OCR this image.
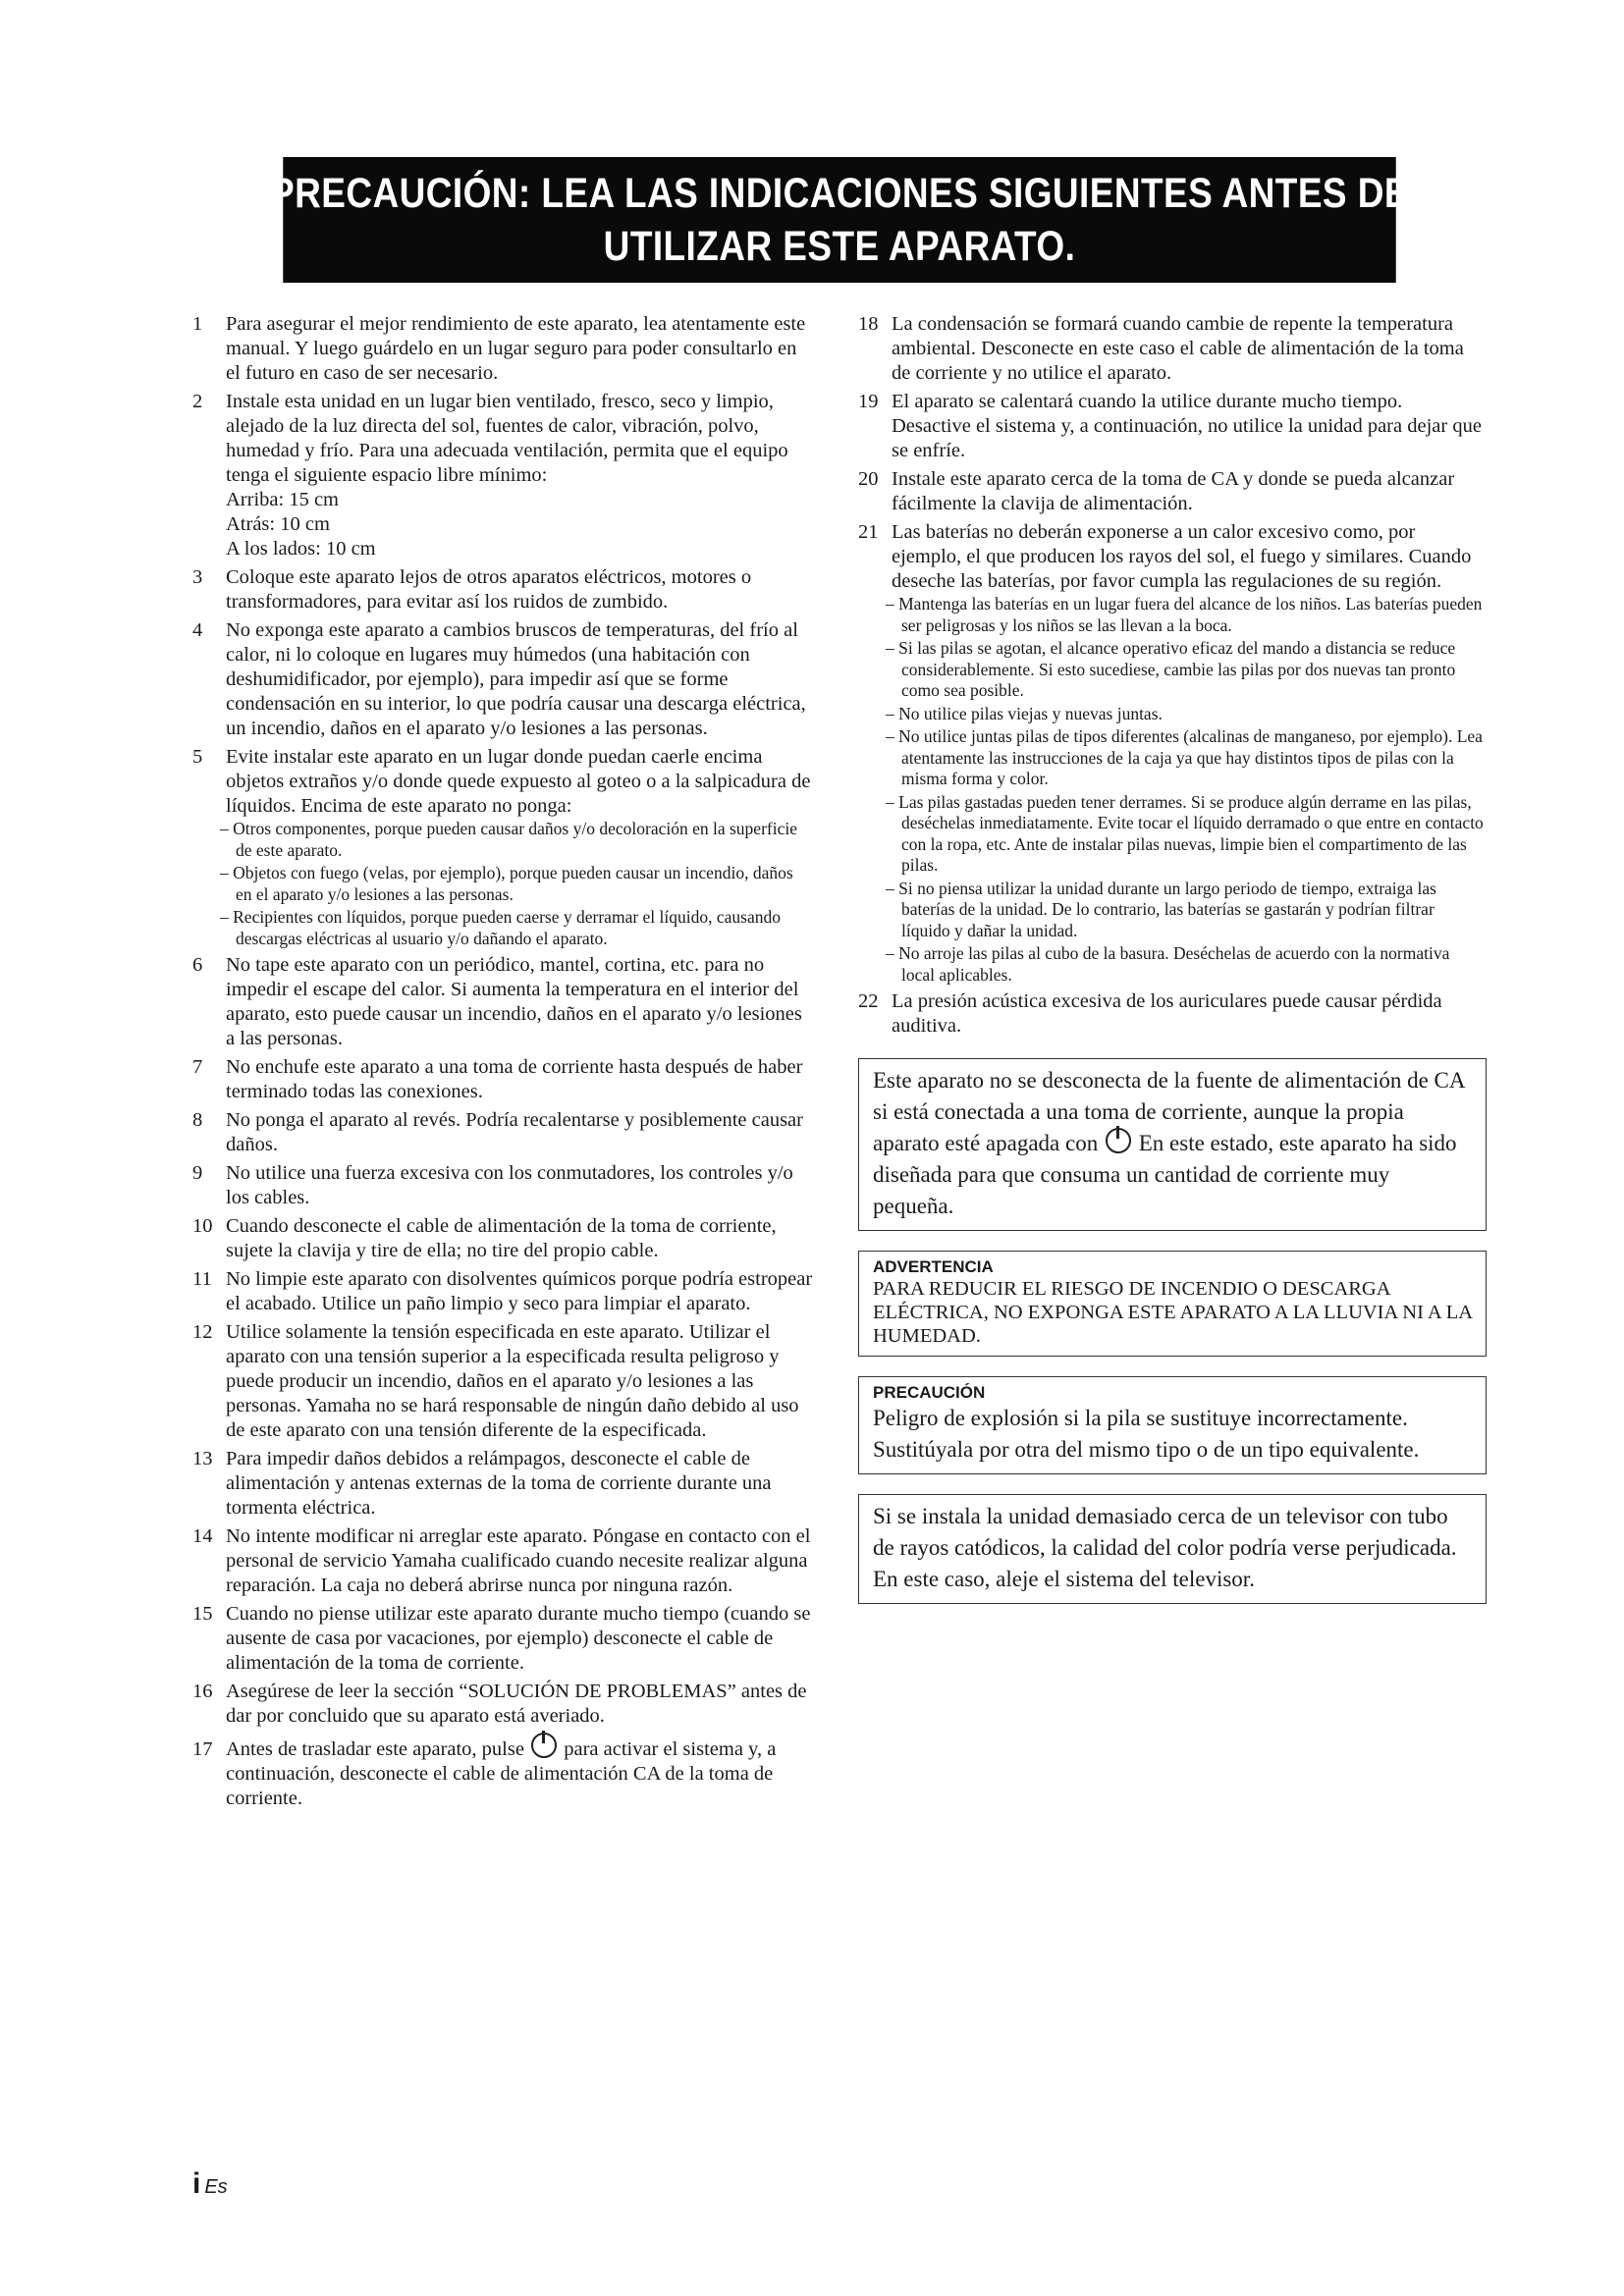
PRECAUCIÓN: LEA LAS INDICACIONES SIGUIENTES ANTES DE
UTILIZAR ESTE APARATO.

1 Para asegurar el mejor rendimiento de este aparato, lea atentamente este manual. Y luego guárdelo en un lugar seguro para poder consultarlo en el futuro en caso de ser necesario.

2 Instale esta unidad en un lugar bien ventilado, fresco, seco y limpio, alejado de la luz directa del sol, fuentes de calor, vibración, polvo, humedad y frío. Para una adecuada ventilación, permita que el equipo tenga el siguiente espacio libre mínimo:

Arriba: 15 cm
Atrás: 10 cm
A los lados: 10 cm

3 Coloque este aparato lejos de otros aparatos eléctricos, motores o transformadores, para evitar así los ruidos de zumbido.

4 No exponga este aparato a cambios bruscos de temperaturas, del frío al calor, ni lo coloque en lugares muy húmedos (una habitación con deshumidificador, por ejemplo), para impedir así que se forme condensación en su interior, lo que podría causar una descarga eléctrica, un incendio, daños en el aparato y/o lesiones a las personas.

5 Evite instalar este aparato en un lugar donde puedan caerle encima objetos extraños y/o donde quede expuesto al goteo o a la salpicadura de líquidos. Encima de este aparato no ponga:

– Otros componentes, porque pueden causar daños y/o decoloración en la superficie de este aparato.

– Objetos con fuego (velas, por ejemplo), porque pueden causar un incendio, daños en el aparato y/o lesiones a las personas.

– Recipientes con líquidos, porque pueden caerse y derramar el líquido, causando descargas eléctricas al usuario y/o dañando el aparato.

6 No tape este aparato con un periódico, mantel, cortina, etc. para no impedir el escape del calor. Si aumenta la temperatura en el interior del aparato, esto puede causar un incendio, daños en el aparato y/o lesiones a las personas.

7 No enchufe este aparato a una toma de corriente hasta después de haber terminado todas las conexiones.

8 No ponga el aparato al revés. Podría recalentarse y posiblemente causar daños.

9 No utilice una fuerza excesiva con los conmutadores, los controles y/o los cables.

10 Cuando desconecte el cable de alimentación de la toma de corriente, sujete la clavija y tire de ella; no tire del propio cable.

11 No limpie este aparato con disolventes químicos porque podría estropear el acabado. Utilice un paño limpio y seco para limpiar el aparato.

12 Utilice solamente la tensión especificada en este aparato. Utilizar el aparato con una tensión superior a la especificada resulta peligroso y puede producir un incendio, daños en el aparato y/o lesiones a las personas. Yamaha no se hará responsable de ningún daño debido al uso de este aparato con una tensión diferente de la especificada.

13 Para impedir daños debidos a relámpagos, desconecte el cable de alimentación y antenas externas de la toma de corriente durante una tormenta eléctrica.

14 No intente modificar ni arreglar este aparato. Póngase en contacto con el personal de servicio Yamaha cualificado cuando necesite realizar alguna reparación. La caja no deberá abrirse nunca por ninguna razón.

15 Cuando no piense utilizar este aparato durante mucho tiempo (cuando se ausente de casa por vacaciones, por ejemplo) desconecte el cable de alimentación de la toma de corriente.

16 Asegúrese de leer la sección “SOLUCIÓN DE PROBLEMAS” antes de dar por concluido que su aparato está averiado.

17 Antes de trasladar este aparato, pulse para activar el sistema y, a continuación, desconecte el cable de alimentación CA de la toma de corriente.

18 La condensación se formará cuando cambie de repente la temperatura ambiental. Desconecte en este caso el cable de alimentación de la toma de corriente y no utilice el aparato.

19 El aparato se calentará cuando la utilice durante mucho tiempo. Desactive el sistema y, a continuación, no utilice la unidad para dejar que se enfríe.

20 Instale este aparato cerca de la toma de CA y donde se pueda alcanzar fácilmente la clavija de alimentación.

21 Las baterías no deberán exponerse a un calor excesivo como, por ejemplo, el que producen los rayos del sol, el fuego y similares. Cuando deseche las baterías, por favor cumpla las regulaciones de su región.

– Mantenga las baterías en un lugar fuera del alcance de los niños. Las baterías pueden ser peligrosas y los niños se las llevan a la boca.

– Si las pilas se agotan, el alcance operativo eficaz del mando a distancia se reduce considerablemente. Si esto sucediese, cambie las pilas por dos nuevas tan pronto como sea posible.

– No utilice pilas viejas y nuevas juntas.

– No utilice juntas pilas de tipos diferentes (alcalinas de manganeso, por ejemplo). Lea atentamente las instrucciones de la caja ya que hay distintos tipos de pilas con la misma forma y color.

– Las pilas gastadas pueden tener derrames. Si se produce algún derrame en las pilas, deséchelas inmediatamente. Evite tocar el líquido derramado o que entre en contacto con la ropa, etc. Ante de instalar pilas nuevas, limpie bien el compartimento de las pilas.

– Si no piensa utilizar la unidad durante un largo periodo de tiempo, extraiga las baterías de la unidad. De lo contrario, las baterías se gastarán y podrían filtrar líquido y dañar la unidad.

– No arroje las pilas al cubo de la basura. Deséchelas de acuerdo con la normativa local aplicables.

22 La presión acústica excesiva de los auriculares puede causar pérdida auditiva.

Este aparato no se desconecta de la fuente de alimentación de CA si está conectada a una toma de corriente, aunque la propia aparato esté apagada con En este estado, este aparato ha sido diseñada para que consuma un cantidad de corriente muy pequeña.
ADVERTENCIA
PARA REDUCIR EL RIESGO DE INCENDIO O DESCARGA ELÉCTRICA, NO EXPONGA ESTE APARATO A LA LLUVIA NI A LA HUMEDAD.
PRECAUCIÓN
Peligro de explosión si la pila se sustituye incorrectamente. Sustitúyala por otra del mismo tipo o de un tipo equivalente.
Si se instala la unidad demasiado cerca de un televisor con tubo de rayos catódicos, la calidad del color podría verse perjudicada. En este caso, aleje el sistema del televisor.
i Es
